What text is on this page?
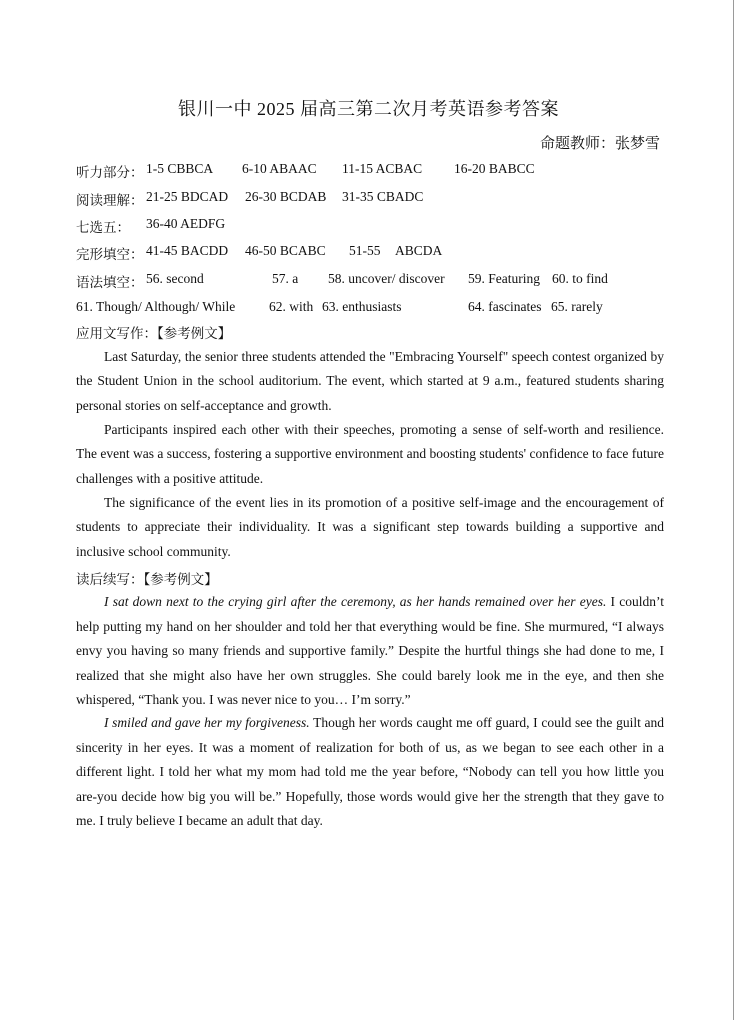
银川一中 2025 届高三第二次月考英语参考答案
命题教师：张梦雪
听力部分： 1-5 CBBCA 6-10 ABAAC 11-15 ACBAC 16-20 BABCC
阅读理解： 21-25 BDCAD 26-30 BCDAB 31-35 CBADC
七选五： 36-40 AEDFG
完形填空： 41-45 BACDD 46-50 BCABC 51-55 ABCDA
语法填空： 56. second	57. a 58. uncover/ discover 59. Featuring 60. to find
61. Though/ Although/ While 62. with 63. enthusiasts	64. fascinates 65. rarely
应用文写作：【参考例文】

Last Saturday, the senior three students attended the "Embracing Yourself" speech contest organized by the Student Union in the school auditorium. The event, which started at 9 a.m., featured students sharing personal stories on self-acceptance and growth.

Participants inspired each other with their speeches, promoting a sense of self-worth and resilience. The event was a success, fostering a supportive environment and boosting students' confidence to face future challenges with a positive attitude.

The significance of the event lies in its promotion of a positive self-image and the encouragement of students to appreciate their individuality. It was a significant step towards building a supportive and inclusive school community.

读后续写：【参考例文】

I sat down next to the crying girl after the ceremony, as her hands remained over her eyes. I couldn’t help putting my hand on her shoulder and told her that everything would be fine. She murmured, “I always envy you having so many friends and supportive family.” Despite the hurtful things she had done to me, I realized that she might also have her own struggles. She could barely look me in the eye, and then she whispered, “Thank you. I was never nice to you… I’m sorry.”

I smiled and gave her my forgiveness. Though her words caught me off guard, I could see the guilt and sincerity in her eyes. It was a moment of realization for both of us, as we began to see each other in a different light. I told her what my mom had told me the year before, “Nobody can tell you how little you are-you decide how big you will be.” Hopefully, those words would give her the strength that they gave to me. I truly believe I became an adult that day.
